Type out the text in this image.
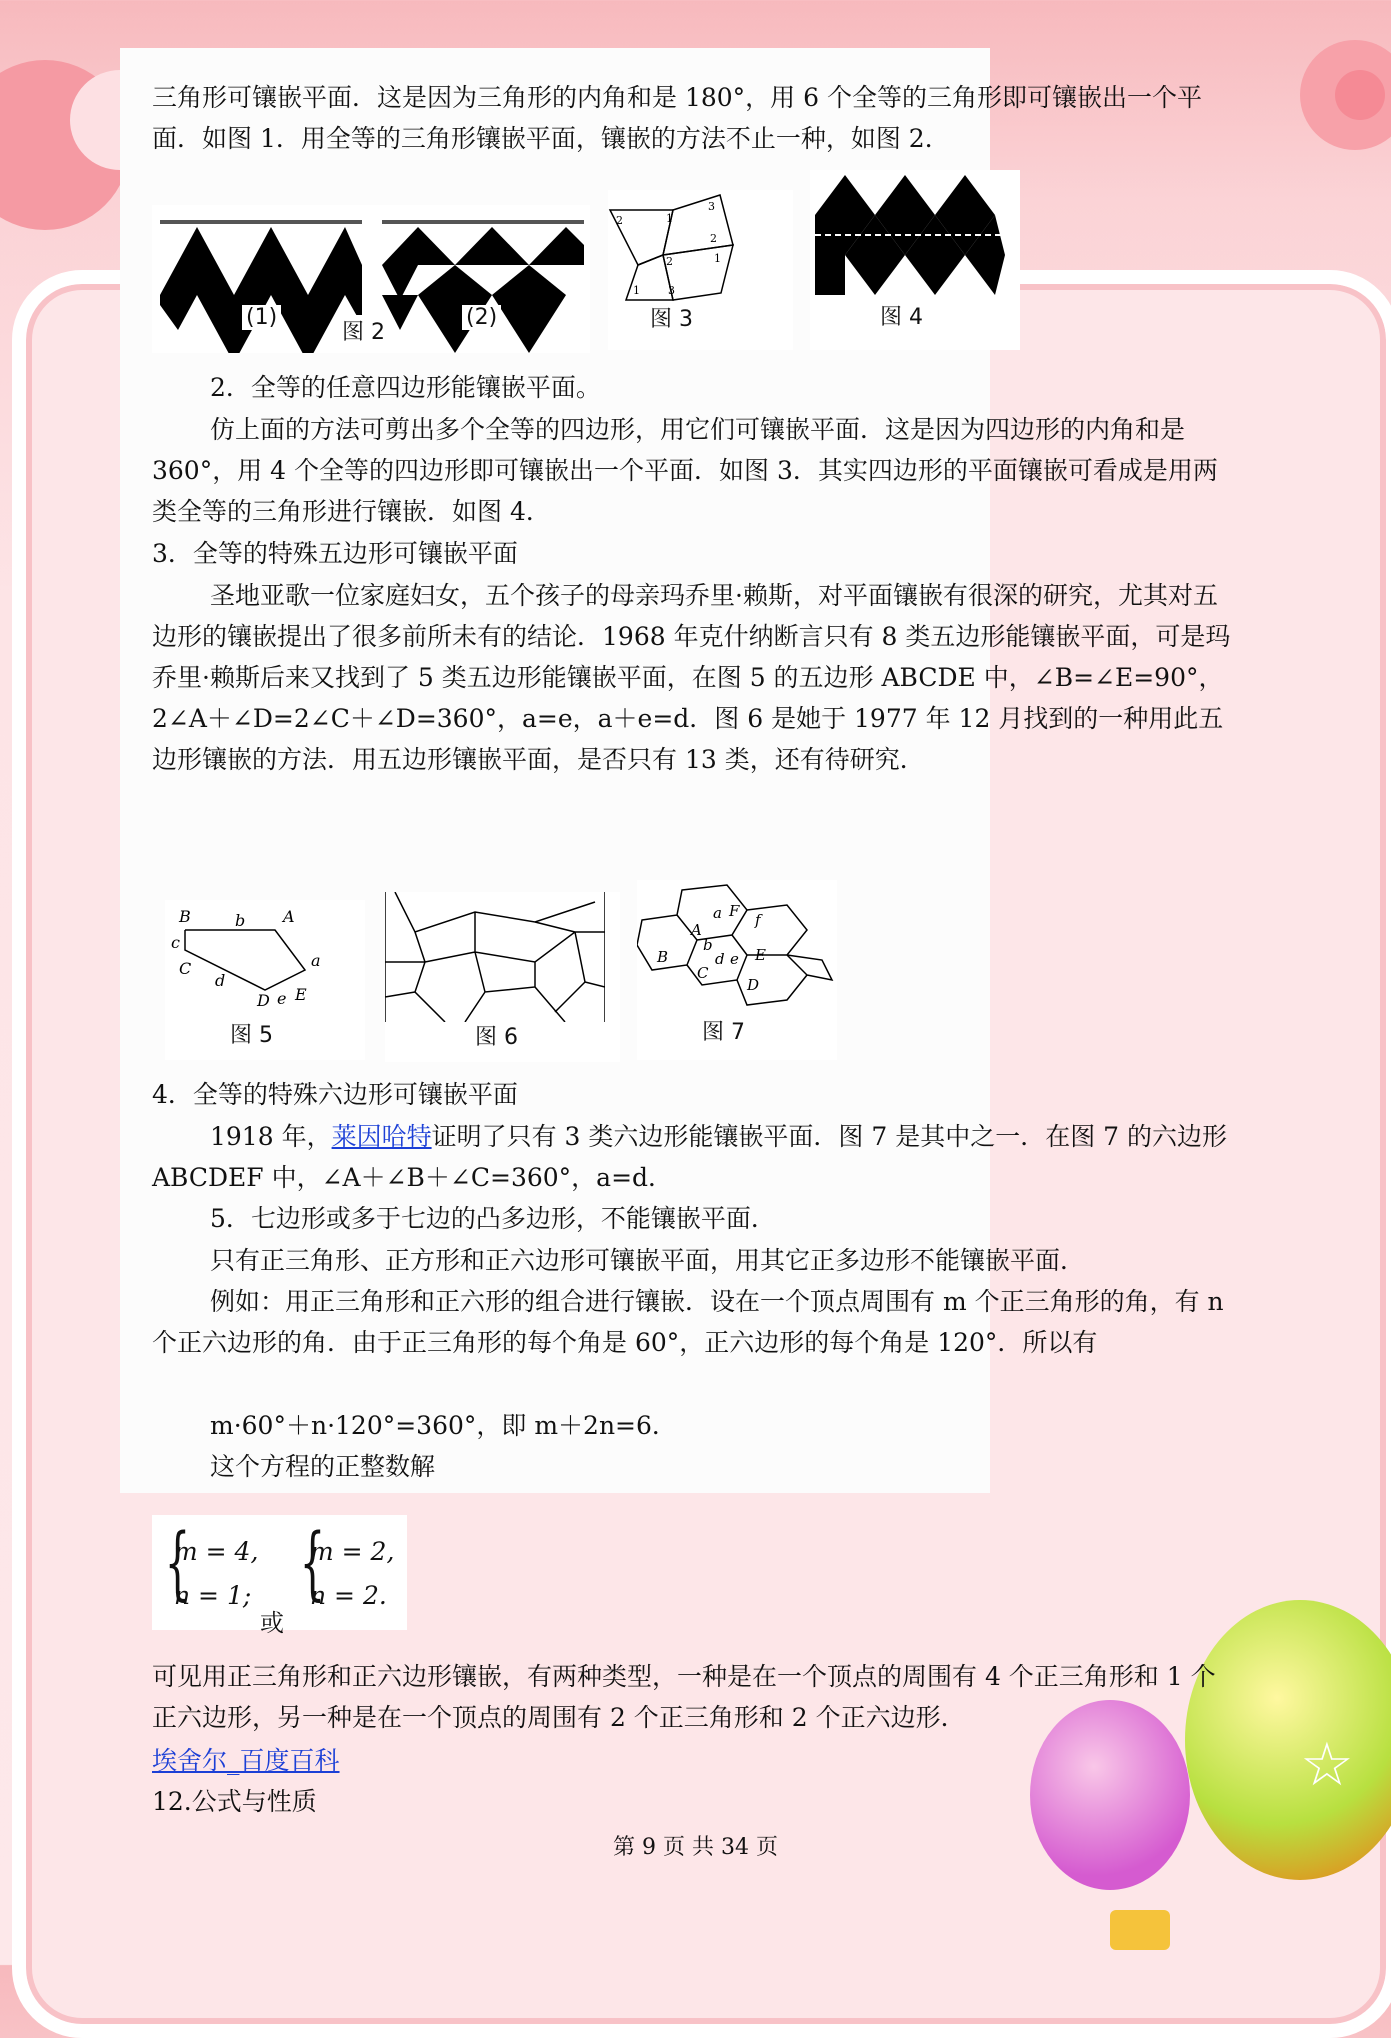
☆

三角形可镶嵌平面．这是因为三角形的内角和是 180°，用 6 个全等的三角形即可镶嵌出一个平面．如图 1．用全等的三角形镶嵌平面，镶嵌的方法不止一种，如图 2．

(1)
图 2
(2)
2	1
3
2
2	1
1	3
图 3	图 4

2．全等的任意四边形能镶嵌平面。

仿上面的方法可剪出多个全等的四边形，用它们可镶嵌平面．这是因为四边形的内角和是 360°，用 4 个全等的四边形即可镶嵌出一个平面．如图 3．其实四边形的平面镶嵌可看成是用两类全等的三角形进行镶嵌．如图 4．

3．全等的特殊五边形可镶嵌平面

圣地亚歌一位家庭妇女，五个孩子的母亲玛乔里·赖斯，对平面镶嵌有很深的研究，尤其对五边形的镶嵌提出了很多前所未有的结论．1968 年克什纳断言只有 8 类五边形能镶嵌平面，可是玛乔里·赖斯后来又找到了 5 类五边形能镶嵌平面，在图 5 的五边形 ABCDE 中，∠B=∠E=90°，2∠A＋∠D=2∠C＋∠D=360°，a=e，a＋e=d．图 6 是她于 1977 年 12 月找到的一种用此五边形镶嵌的方法．用五边形镶嵌平面，是否只有 13 类，还有待研究．

B	b A
a
c
C
d
D e E
图 5	图 6
A
b
a F f
B
C
d e E
D
图 7

4．全等的特殊六边形可镶嵌平面

1918 年，莱因哈特证明了只有 3 类六边形能镶嵌平面．图 7 是其中之一．在图 7 的六边形 ABCDEF 中，∠A＋∠B＋∠C=360°，a=d．

5．七边形或多于七边的凸多边形，不能镶嵌平面．

只有正三角形、正方形和正六边形可镶嵌平面，用其它正多边形不能镶嵌平面．

例如：用正三角形和正六形的组合进行镶嵌．设在一个顶点周围有 m 个正三角形的角，有 n 个正六边形的角．由于正三角形的每个角是 60°，正六边形的每个角是 120°．所以有

m·60°＋n·120°=360°，即 m＋2n=6．

这个方程的正整数解

{
m = 4,
n = 1;
或
{
m = 2,
n = 2.

可见用正三角形和正六边形镶嵌，有两种类型，一种是在一个顶点的周围有 4 个正三角形和 1 个正六边形，另一种是在一个顶点的周围有 2 个正三角形和 2 个正六边形．

埃舍尔_百度百科

12.公式与性质

第 9 页 共 34 页
